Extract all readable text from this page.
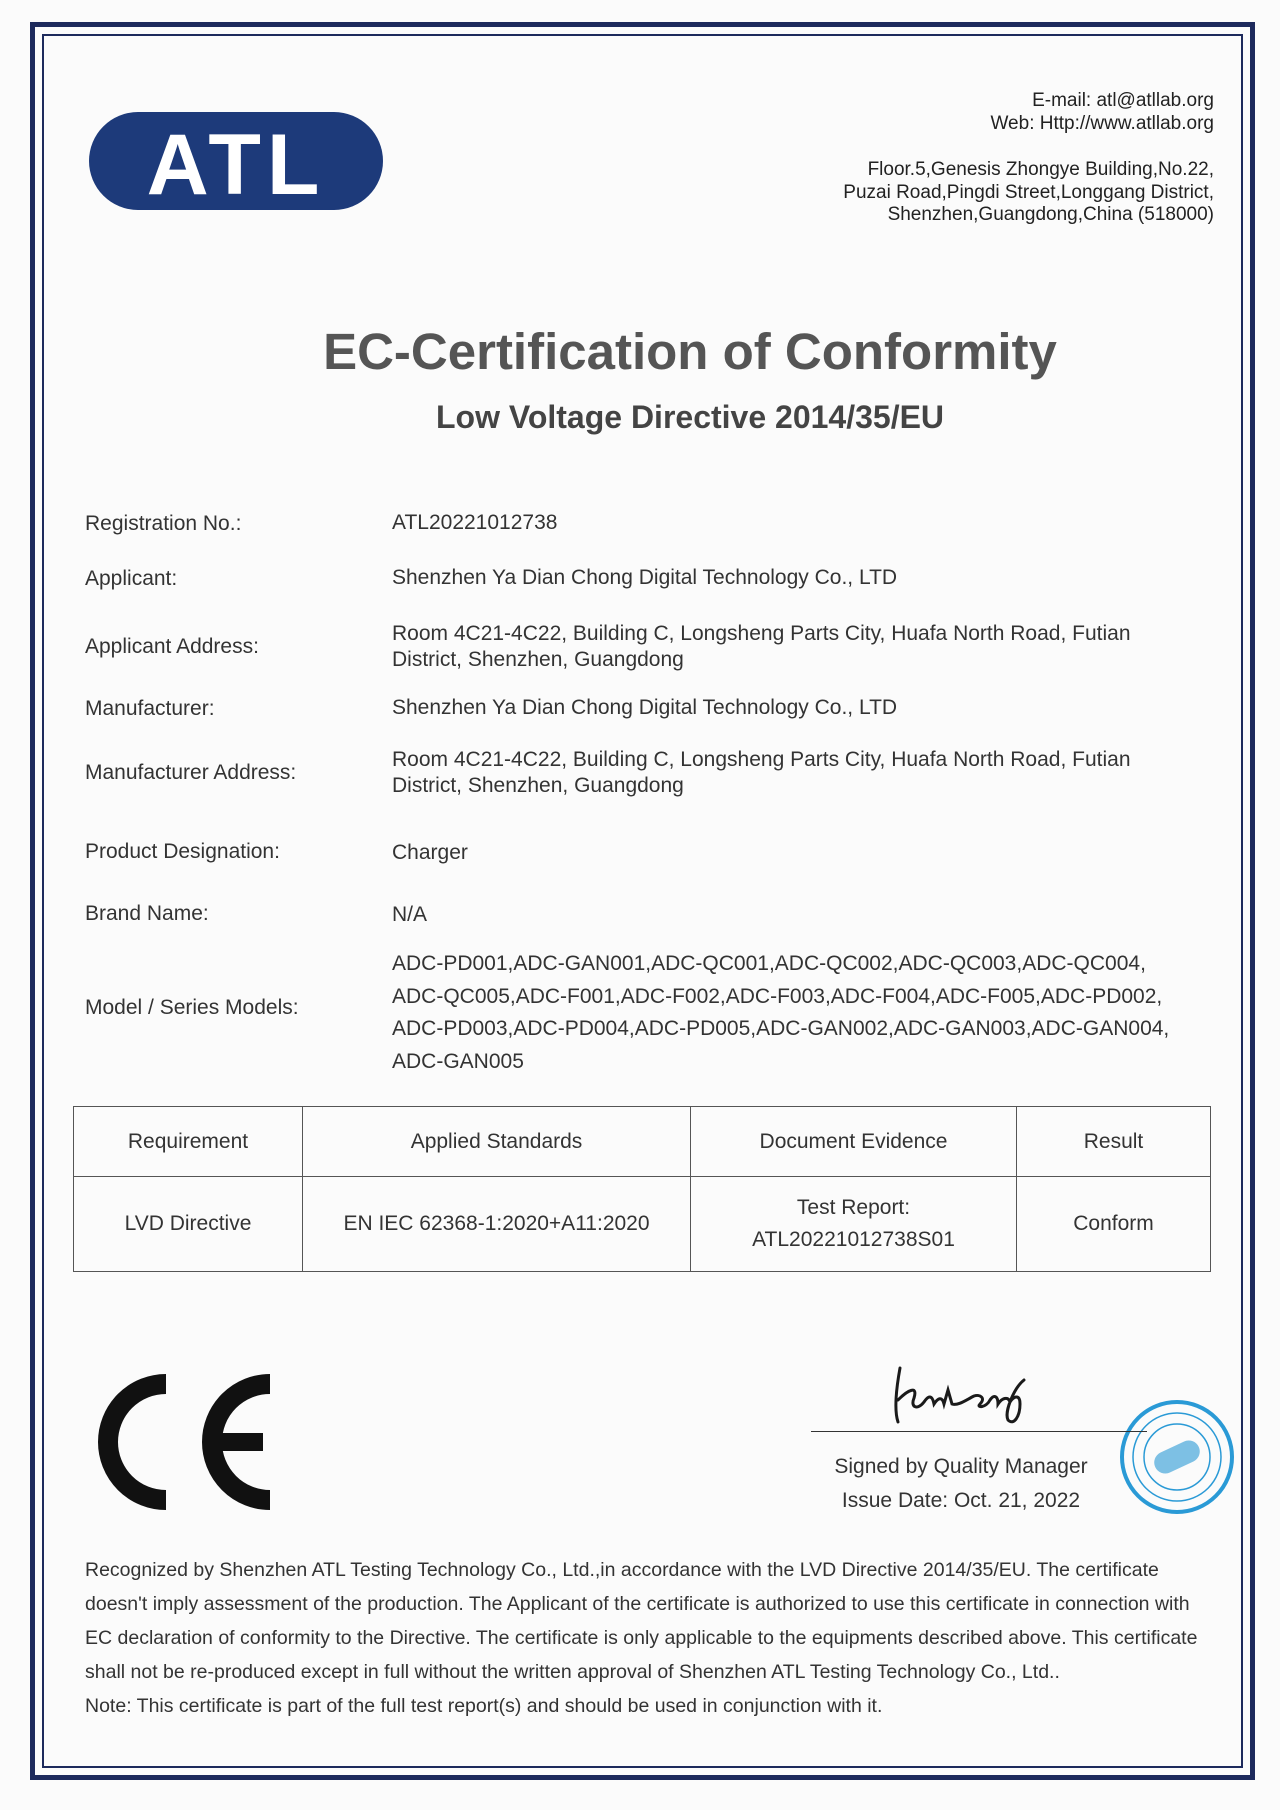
ATL
E-mail: atl@atllab.org
Web: Http://www.atllab.org
Floor.5,Genesis Zhongye Building,No.22,
Puzai Road,Pingdi Street,Longgang District,
Shenzhen,Guangdong,China (518000)
EC-Certification of Conformity
Low Voltage Directive 2014/35/EU
Registration No.:	ATL20221012738
Applicant:	Shenzhen Ya Dian Chong Digital Technology Co., LTD
Applicant Address:
Room 4C21-4C22, Building C, Longsheng Parts City, Huafa North Road, Futian
District, Shenzhen, Guangdong
Manufacturer:	Shenzhen Ya Dian Chong Digital Technology Co., LTD
Manufacturer Address:
Room 4C21-4C22, Building C, Longsheng Parts City, Huafa North Road, Futian
District, Shenzhen, Guangdong
Product Designation:	Charger
Brand Name:	N/A
Model / Series Models:
ADC-PD001,ADC-GAN001,ADC-QC001,ADC-QC002,ADC-QC003,ADC-QC004,
ADC-QC005,ADC-F001,ADC-F002,ADC-F003,ADC-F004,ADC-F005,ADC-PD002,
ADC-PD003,ADC-PD004,ADC-PD005,ADC-GAN002,ADC-GAN003,ADC-GAN004,
ADC-GAN005
Requirement	Applied Standards	Document Evidence	Result
LVD Directive	EN IEC 62368-1:2020+A11:2020	Test Report:
ATL20221012738S01	Conform
Signed by Quality Manager
Issue Date: Oct. 21, 2022
Recognized by Shenzhen ATL Testing Technology Co., Ltd.,in accordance with the LVD Directive 2014/35/EU. The certificate
doesn't imply assessment of the production. The Applicant of the certificate is authorized to use this certificate in connection with
EC declaration of conformity to the Directive. The certificate is only applicable to the equipments described above. This certificate
shall not be re-produced except in full without the written approval of Shenzhen ATL Testing Technology Co., Ltd..
Note: This certificate is part of the full test report(s) and should be used in conjunction with it.
